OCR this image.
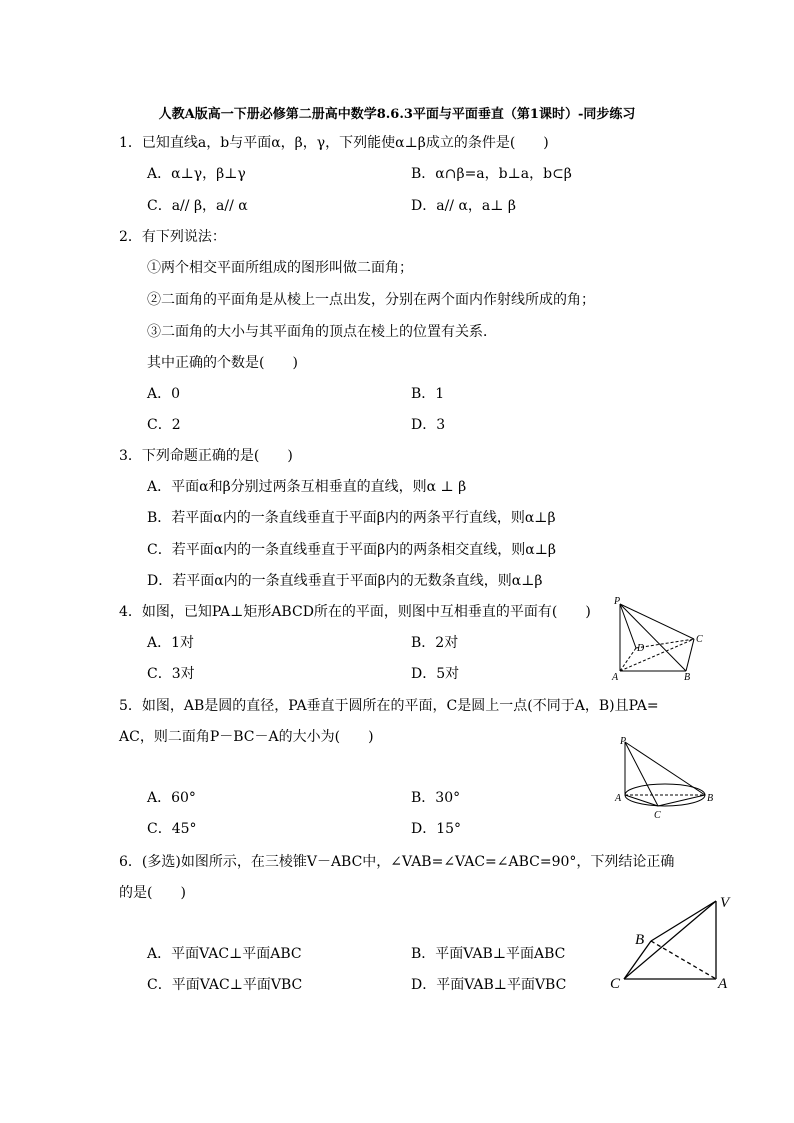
人教A版高一下册必修第二册高中数学8.6.3平面与平面垂直（第1课时）-同步练习
1．已知直线a，b与平面α，β，γ，下列能使α⊥β成立的条件是(　　)
A．α⊥γ，β⊥γ	B．α∩β=a，b⊥a，b⊂β
C．a// β，a// α	D．a// α，a⊥ β
2．有下列说法：
①两个相交平面所组成的图形叫做二面角；
②二面角的平面角是从棱上一点出发，分别在两个面内作射线所成的角；
③二面角的大小与其平面角的顶点在棱上的位置有关系．
其中正确的个数是(　　)
A．0	B．1
C．2	D．3
3．下列命题正确的是(　　)
A．平面α和β分别过两条互相垂直的直线，则α ⊥ β
B．若平面α内的一条直线垂直于平面β内的两条平行直线，则α⊥β
C．若平面α内的一条直线垂直于平面β内的两条相交直线，则α⊥β
D．若平面α内的一条直线垂直于平面β内的无数条直线，则α⊥β
4．如图，已知PA⊥矩形ABCD所在的平面，则图中互相垂直的平面有(　　)
A．1对	B．2对
C．3对	D．5对
P
A	B
C
D
5．如图，AB是圆的直径，PA垂直于圆所在的平面，C是圆上一点(不同于A，B)且PA=
AC，则二面角P－BC－A的大小为(　　)
A．60°	B．30°
C．45°	D．15°
P
A	B
C
6．(多选)如图所示，在三棱锥V－ABC中，∠VAB=∠VAC=∠ABC=90°，下列结论正确
的是(　　)
A．平面VAC⊥平面ABC	B．平面VAB⊥平面ABC
C．平面VAC⊥平面VBC	D．平面VAB⊥平面VBC
V
A
B
C
